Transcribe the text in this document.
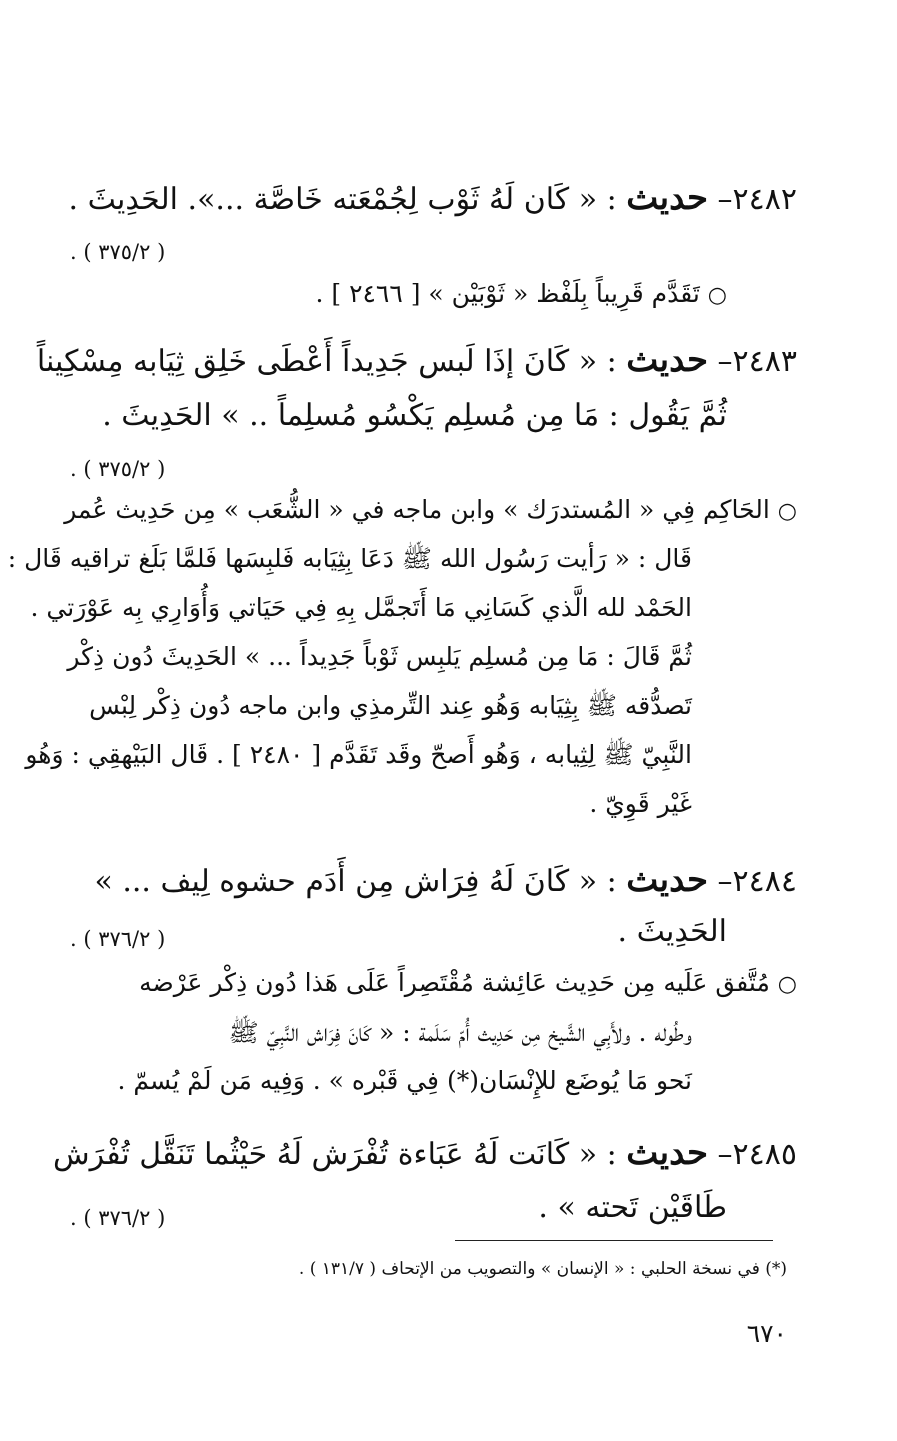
٢٤٨٢– حديث : « كَان لَهُ ثَوْب لِجُمْعَته خَاصَّة ...». الحَدِيثَ .
. ( ٣٧٥/٢ )
○ تَقَدَّم قَرِيباً بِلَفْظ « ثَوْبَيْن » [ ٢٤٦٦ ] .
٢٤٨٣– حديث : « كَانَ إذَا لَبس جَدِيداً أَعْطَى خَلِق ثِيَابه مِسْكِيناً
ثُمَّ يَقُول : مَا مِن مُسلِم يَكْسُو مُسلِماً .. » الحَدِيثَ .
. ( ٣٧٥/٢ )
○ الحَاكِم فِي « المُستدرَك » وابن ماجه في « الشُّعَب » مِن حَدِيث عُمر
قَال : « رَأيت رَسُول الله ﷺ دَعَا بِثِيَابه فَلبِسَها فَلمَّا بَلَغ تراقيه قَال :
الحَمْد لله الَّذي كَسَانِي مَا أَتَجمَّل بِهِ فِي حَيَاتي وَأُوَارِي بِه عَوْرَتي .
ثُمَّ قَالَ : مَا مِن مُسلِم يَلبِس ثَوْباً جَدِيداً ... » الحَدِيثَ دُون ذِكْر
تَصدُّقه ﷺ بِثِيَابه وَهُو عِند التِّرمذِي وابن ماجه دُون ذِكْر لِبْس
النَّبِيّ ﷺ لِثِيابه ، وَهُو أَصحّ وقَد تَقَدَّم [ ٢٤٨٠ ] . قَال البَيْهقِي : وَهُو
غَيْر قَوِيّ .
٢٤٨٤– حديث : « كَانَ لَهُ فِرَاش مِن أَدَم حشوه لِيف ... »
الحَدِيثَ .
. ( ٣٧٦/٢ )
○ مُتَّفق عَلَيه مِن حَدِيث عَائِشة مُقْتَصِراً عَلَى هَذا دُون ذِكْر عَرْضه
وطُوله . ولأَبِي الشَّيخ مِن حَدِيث أُمّ سَلَمة : « كَانَ فِرَاش النَّبِيّ ﷺ
نَحو مَا يُوضَع للإِنْسَان(*) فِي قَبْره » . وَفِيه مَن لَمْ يُسمّ .
٢٤٨٥– حديث : « كَانَت لَهُ عَبَاءة تُفْرَش لَهُ حَيْثُما تَنَقَّل تُفْرَش
طَاقَيْن تَحته » .
. ( ٣٧٦/٢ )
(*) في نسخة الحلبي : « الإنسان » والتصويب من الإتحاف ( ١٣١/٧ ) .
٦٧٠
